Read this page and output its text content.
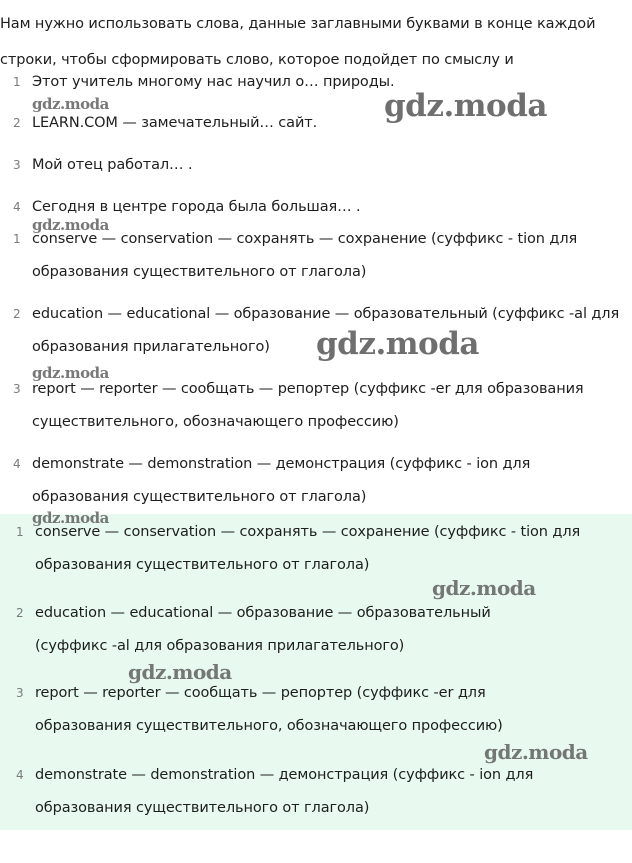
Нам нужно использовать слова, данные заглавными буквами в конце каждой строки, чтобы сформировать слово, которое подойдет по смыслу и
1 Этот учитель многому нас научил о… природы.
2 LEARN.COM — замечательный… сайт.
3 Мой отец работал… .
4 Сегодня в центре города была большая… .
1 conserve — conservation — сохранять — сохранение (суффикс - tion для образования существительного от глагола)
2 education — educational — образование — образовательный (суффикс -al для образования прилагательного)
3 report — reporter — сообщать — репортер (суффикс -er для образования существительного, обозначающего профессию)
4 demonstrate — demonstration — демонстрация (суффикс - ion для образования существительного от глагола)
1 conserve — conservation — сохранять — сохранение (суффикс - tion для образования существительного от глагола)
2 education — educational — образование — образовательный (суффикс -al для образования прилагательного)
3 report — reporter — сообщать — репортер (суффикс -er для образования существительного, обозначающего профессию)
4 demonstrate — demonstration — демонстрация (суффикс - ion для образования существительного от глагола)
gdz.moda	gdz.moda
gdz.moda
gdz.moda
gdz.moda
gdz.moda
gdz.moda
gdz.moda
gdz.moda
